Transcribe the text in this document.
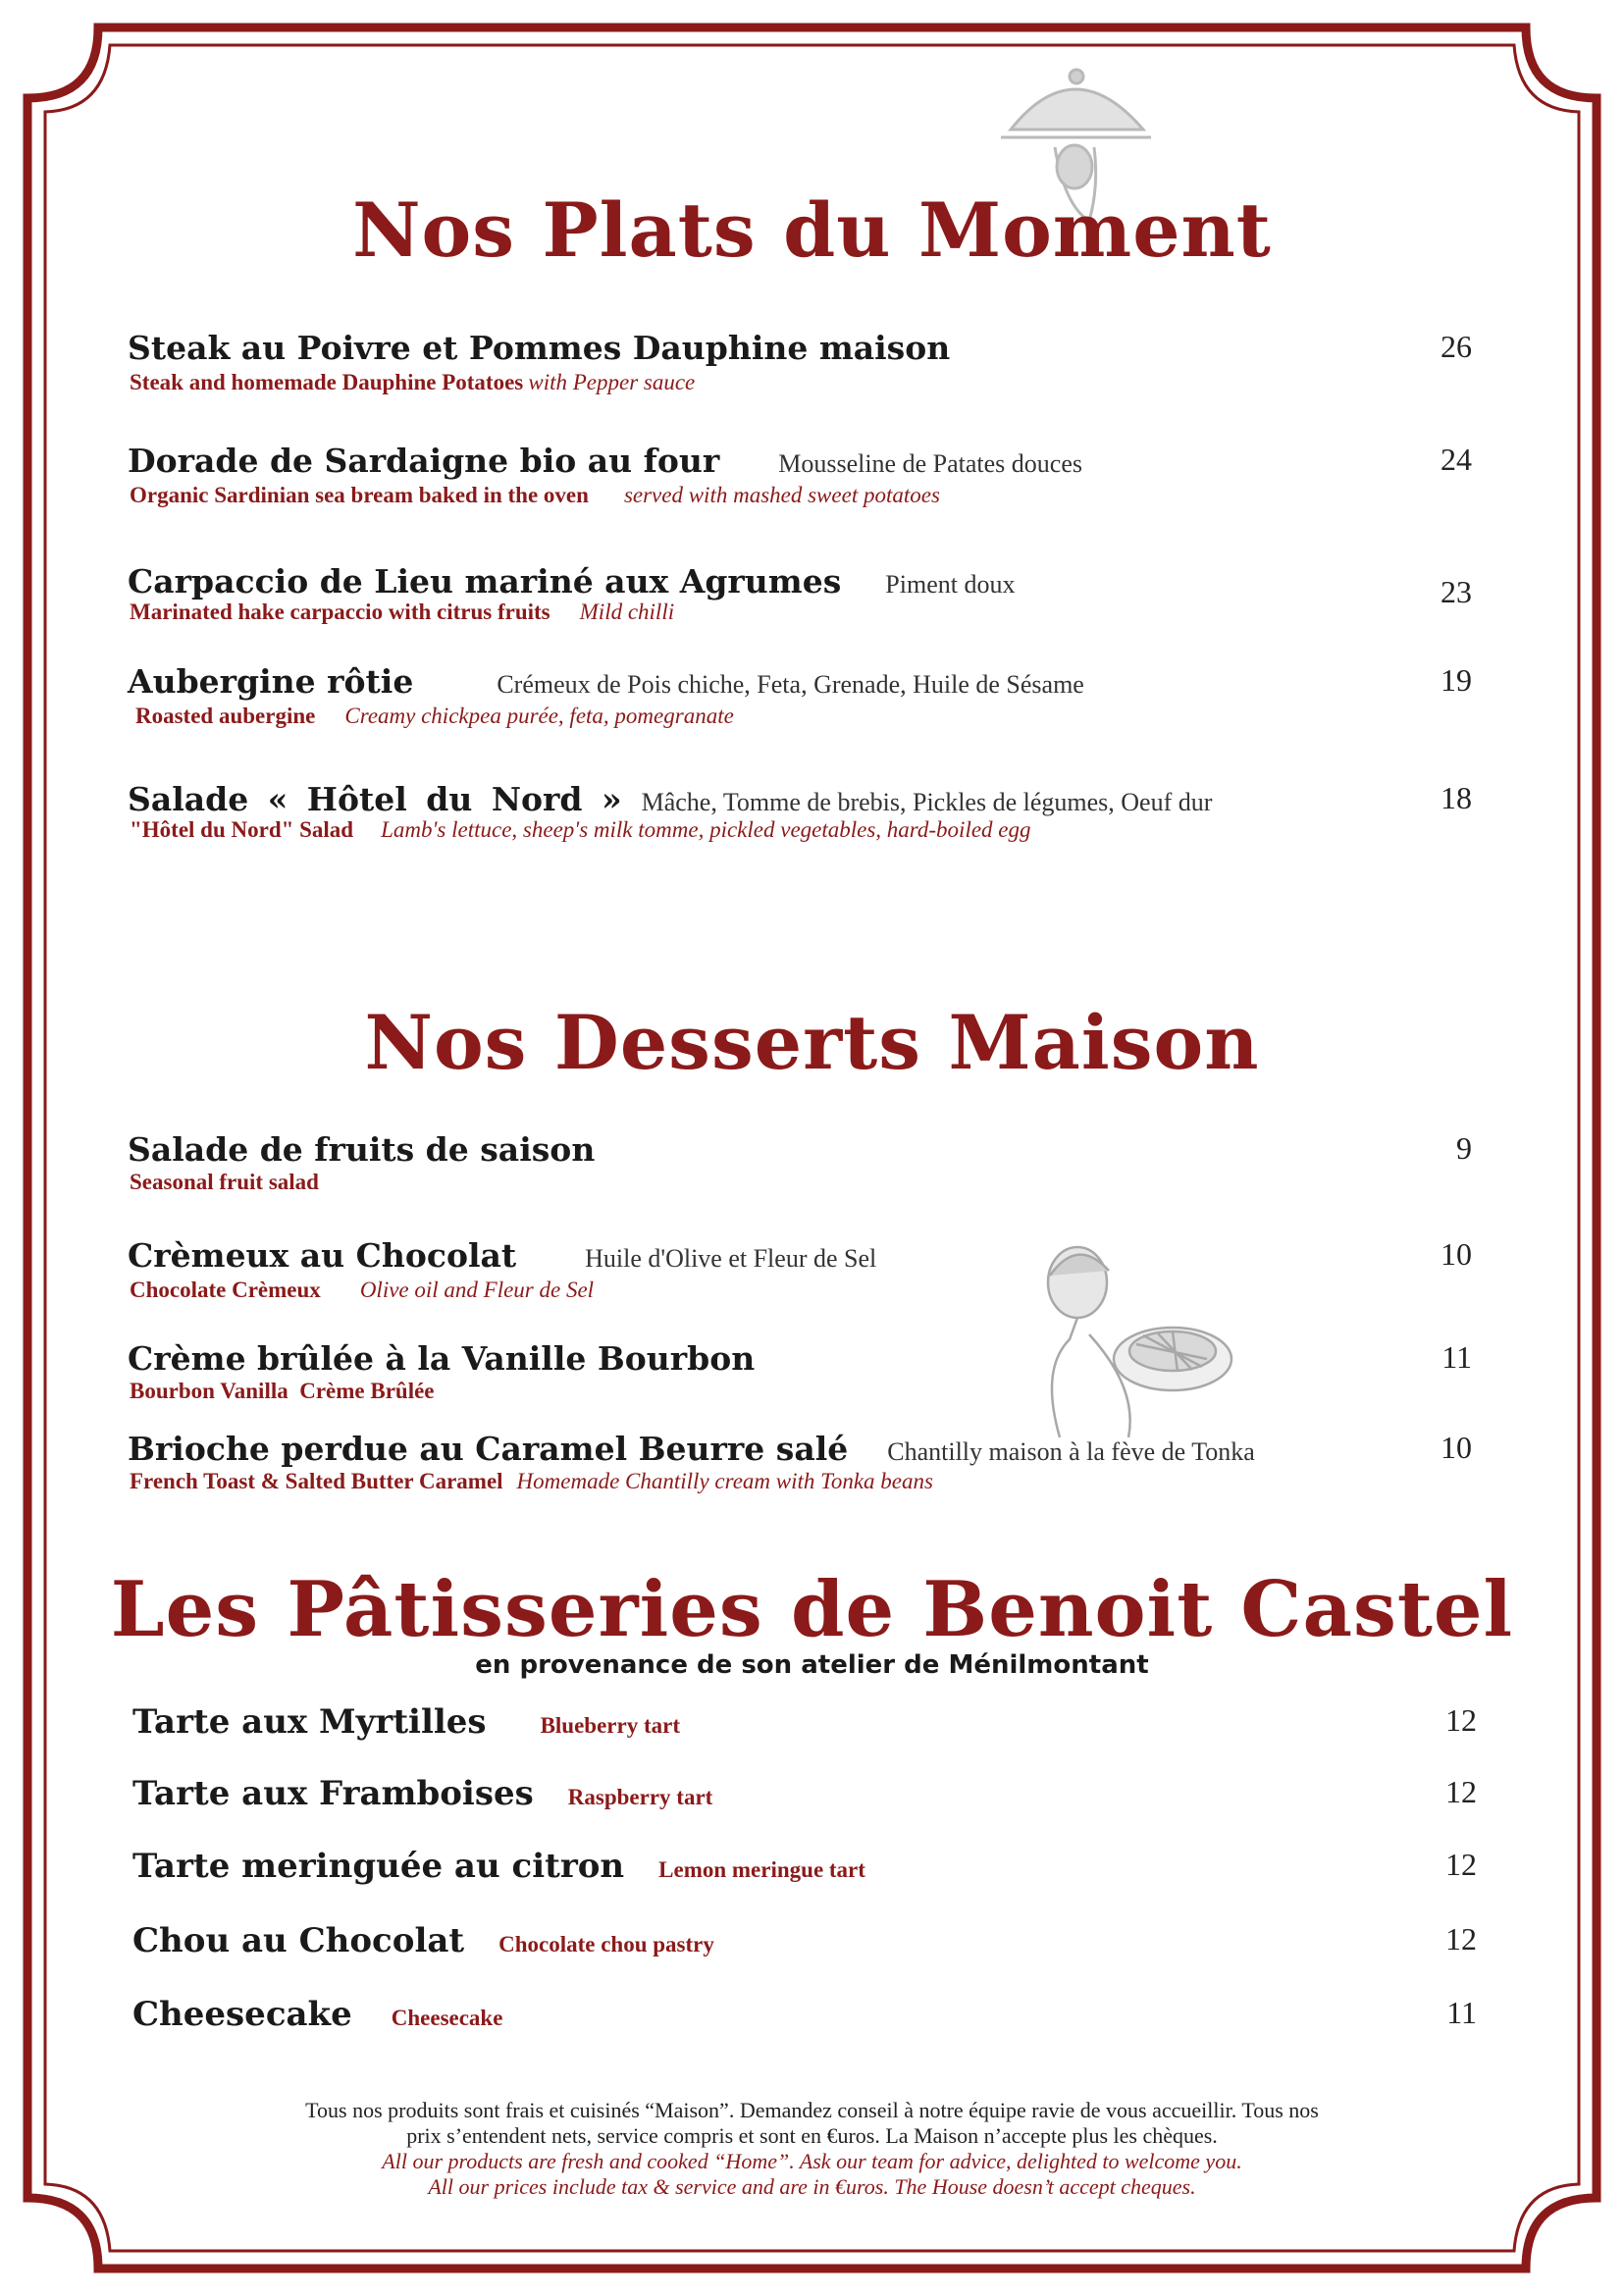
Nos Plats du Moment
Steak au Poivre et Pommes Dauphine maison
Steak and homemade Dauphine Potatoes with Pepper sauce
26
Dorade de Sardaigne bio au four Mousseline de Patates douces
Organic Sardinian sea bream baked in the oven served with mashed sweet potatoes
24
Carpaccio de Lieu mariné aux Agrumes Piment doux
Marinated hake carpaccio with citrus fruits Mild chilli
23
Aubergine rôtie	Crémeux de Pois chiche, Feta, Grenade, Huile de Sésame
Roasted aubergine Creamy chickpea purée, feta, pomegranate
19
Salade « Hôtel du Nord » Mâche, Tomme de brebis, Pickles de légumes, Oeuf dur
"Hôtel du Nord" Salad Lamb's lettuce, sheep's milk tomme, pickled vegetables, hard-boiled egg
18
Nos Desserts Maison
Salade de fruits de saison
Seasonal fruit salad
9
Crèmeux au Chocolat	Huile d'Olive et Fleur de Sel
Chocolate Crèmeux Olive oil and Fleur de Sel
10
Crème brûlée à la Vanille Bourbon
Bourbon Vanilla  Crème Brûlée
11
Brioche perdue au Caramel Beurre salé Chantilly maison à la fève de Tonka
French Toast & Salted Butter Caramel Homemade Chantilly cream with Tonka beans
10
Les Pâtisseries de Benoit Castel
en provenance de son atelier de Ménilmontant
Tarte aux Myrtilles Blueberry tart	12
Tarte aux Framboises Raspberry tart	12
Tarte meringuée au citron Lemon meringue tart	12
Chou au Chocolat Chocolate chou pastry	12
Cheesecake Cheesecake	11
Tous nos produits sont frais et cuisinés “Maison”. Demandez conseil à notre équipe ravie de vous accueillir. Tous nos
prix s’entendent nets, service compris et sont en €uros. La Maison n’accepte plus les chèques.
All our products are fresh and cooked “Home”. Ask our team for advice, delighted to welcome you.
All our prices include tax & service and are in €uros. The House doesn’t accept cheques.
